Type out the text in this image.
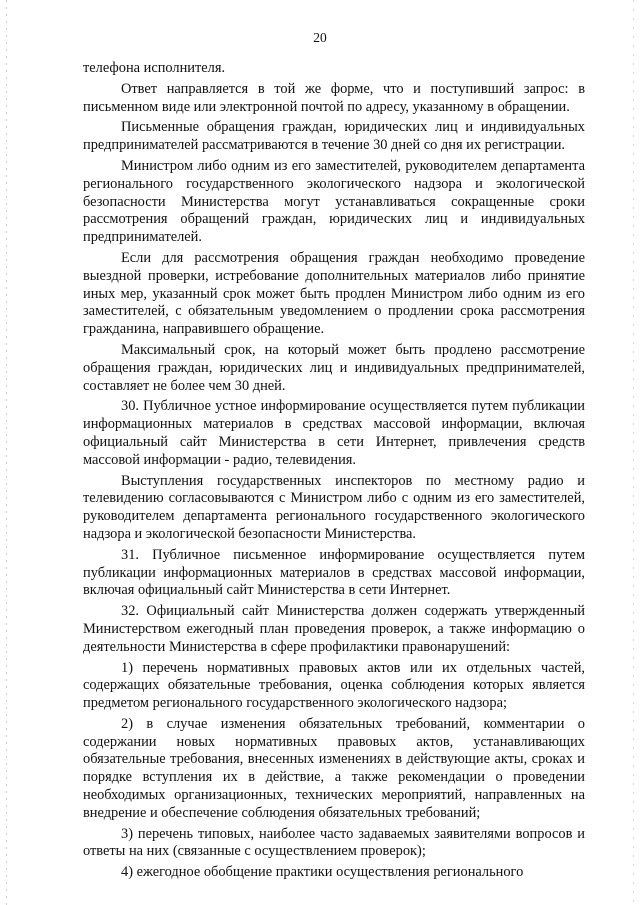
20

телефона исполнителя.

Ответ направляется в той же форме, что и поступивший запрос: в письменном виде или электронной почтой по адресу, указанному в обращении.

Письменные обращения граждан, юридических лиц и индивидуальных предпринимателей рассматриваются в течение 30 дней со дня их регистрации.

Министром либо одним из его заместителей, руководителем департамента регионального государственного экологического надзора и экологической безопасности Министерства могут устанавливаться сокращенные сроки рассмотрения обращений граждан, юридических лиц и индивидуальных предпринимателей.

Если для рассмотрения обращения граждан необходимо проведение выездной проверки, истребование дополнительных материалов либо принятие иных мер, указанный срок может быть продлен Министром либо одним из его заместителей, с обязательным уведомлением о продлении срока рассмотрения гражданина, направившего обращение.

Максимальный срок, на который может быть продлено рассмотрение обращения граждан, юридических лиц и индивидуальных предпринимателей, составляет не более чем 30 дней.

30. Публичное устное информирование осуществляется путем публикации информационных материалов в средствах массовой информации, включая официальный сайт Министерства в сети Интернет, привлечения средств массовой информации - радио, телевидения.

Выступления государственных инспекторов по местному радио и телевидению согласовываются с Министром либо с одним из его заместителей, руководителем департамента регионального государственного экологического надзора и экологической безопасности Министерства.

31. Публичное письменное информирование осуществляется путем публикации информационных материалов в средствах массовой информации, включая официальный сайт Министерства в сети Интернет.

32. Официальный сайт Министерства должен содержать утвержденный Министерством ежегодный план проведения проверок, а также информацию о деятельности Министерства в сфере профилактики правонарушений:

1) перечень нормативных правовых актов или их отдельных частей, содержащих обязательные требования, оценка соблюдения которых является предметом регионального государственного экологического надзора;

2) в случае изменения обязательных требований, комментарии о содержании новых нормативных правовых актов, устанавливающих обязательные требования, внесенных изменениях в действующие акты, сроках и порядке вступления их в действие, а также рекомендации о проведении необходимых организационных, технических мероприятий, направленных на внедрение и обеспечение соблюдения обязательных требований;

3) перечень типовых, наиболее часто задаваемых заявителями вопросов и ответы на них (связанные с осуществлением проверок);

4) ежегодное обобщение практики осуществления регионального
